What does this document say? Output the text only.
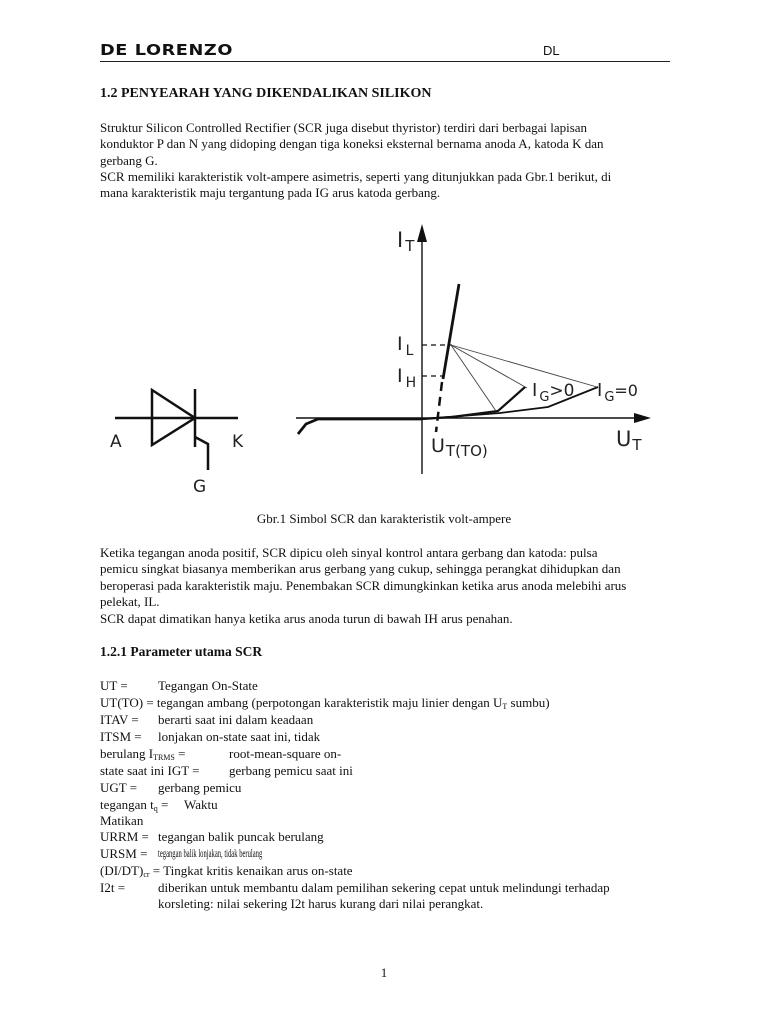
DE LORENZO	DL
1.2 PENYEARAH YANG DIKENDALIKAN SILIKON
Struktur Silicon Controlled Rectifier (SCR juga disebut thyristor) terdiri dari berbagai lapisan
konduktor P dan N yang didoping dengan tiga koneksi eksternal bernama anoda A, katoda K dan
gerbang G.
SCR memiliki karakteristik volt-ampere asimetris, seperti yang ditunjukkan pada Gbr.1 berikut, di
mana karakteristik maju tergantung pada IG arus katoda gerbang.
A	K
G
I T
I $_L$
I $_H$
$U_{T(TO)}$	UT
I $_G$>0 I $_G$=0
Gbr.1 Simbol SCR dan karakteristik volt-ampere
Ketika tegangan anoda positif, SCR dipicu oleh sinyal kontrol antara gerbang dan katoda: pulsa
pemicu singkat biasanya memberikan arus gerbang yang cukup, sehingga perangkat dihidupkan dan
beroperasi pada karakteristik maju. Penembakan SCR dimungkinkan ketika arus anoda melebihi arus
pelekat, IL.
SCR dapat dimatikan hanya ketika arus anoda turun di bawah IH arus penahan.
1.2.1 Parameter utama SCR
UT = Tegangan On-State
UT(TO) = tegangan ambang (perpotongan karakteristik maju linier dengan $U_T$ sumbu)
ITAV = berarti saat ini dalam keadaan
ITSM = lonjakan on-state saat ini, tidak
berulang $I_{TRMS}$ =	root-mean-square on-
state saat ini IGT = gerbang pemicu saat ini
UGT = gerbang pemicu
tegangan $t_q$ = Waktu
Matikan
URRM = tegangan balik puncak berulang
URSM = tegangan balik lonjakan, tidak berulang
$(DI/DT)_{cr}$ = Tingkat kritis kenaikan arus on-state
I2t =	diberikan untuk membantu dalam pemilihan sekering cepat untuk melindungi terhadap
korsleting: nilai sekering I2t harus kurang dari nilai perangkat.
1
